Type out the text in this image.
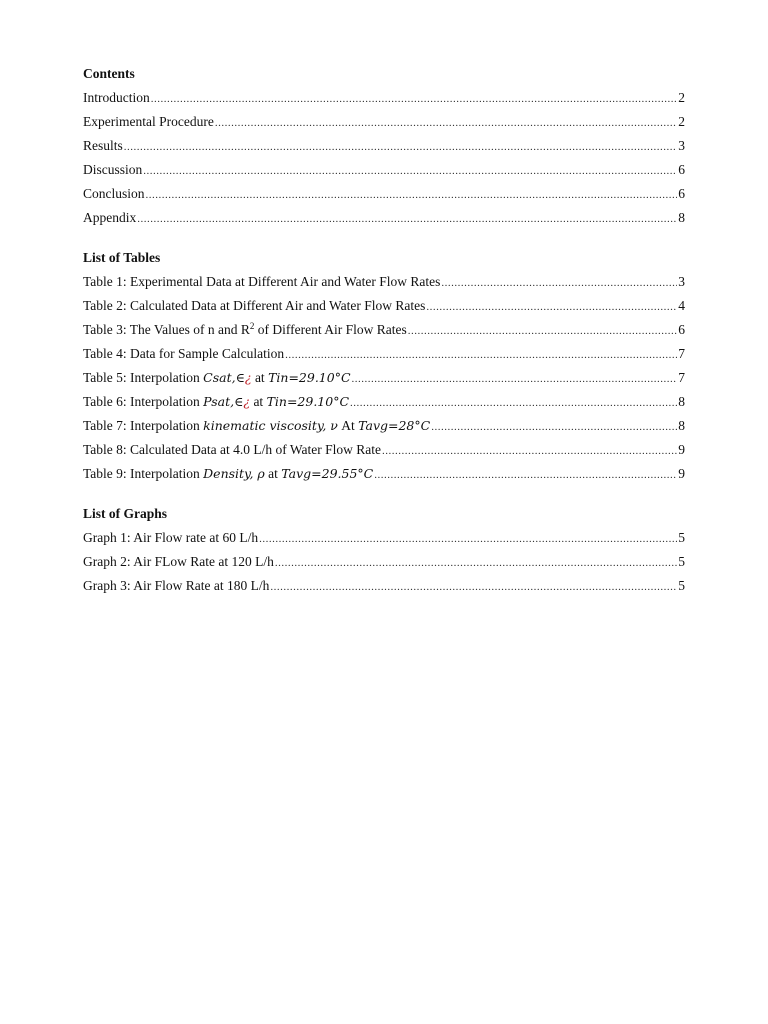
Contents
Introduction .....	2
Experimental Procedure .....	2
Results .....	3
Discussion .....	6
Conclusion .....	6
Appendix .....	8
List of Tables
Table 1: Experimental Data at Different Air and Water Flow Rates .....	3
Table 2: Calculated Data at Different Air and Water Flow Rates .....	4
Table 3: The Values of n and $R^2$ of Different Air Flow Rates .....	6
Table 4: Data for Sample Calculation .....	7
Table 5: Interpolation Csat,∈¿ at Tin=29.10°C .....	7
Table 6: Interpolation Psat,∈¿ at Tin=29.10°C .....	8
Table 7: Interpolation kinematic viscosity, ν At Tavg=28°C .....	8
Table 8: Calculated Data at 4.0 L/h of Water Flow Rate .....	9
Table 9: Interpolation Density, ρ at Tavg=29.55°C .....	9
List of Graphs
Graph 1: Air Flow rate at 60 L/h .....	5
Graph 2: Air FLow Rate at 120 L/h .....	5
Graph 3: Air Flow Rate at 180 L/h .....	5
